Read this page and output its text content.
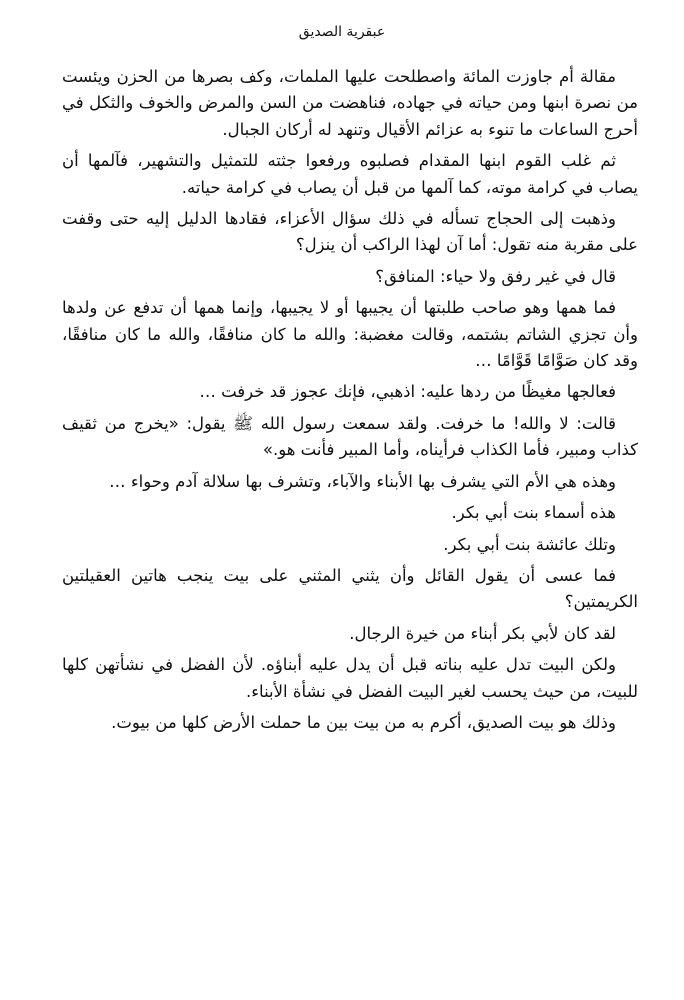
عبقرية الصديق

مقالة أم جاوزت المائة واصطلحت عليها الملمات، وكف بصرها من الحزن ويئست من نصرة ابنها ومن حياته في جهاده، فناهضت من السن والمرض والخوف والثكل في أحرج الساعات ما تنوء به عزائم الأقيال وتنهد له أركان الجبال.

ثم غلب القوم ابنها المقدام فصلبوه ورفعوا جثته للتمثيل والتشهير، فآلمها أن يصاب في كرامة موته، كما آلمها من قبل أن يصاب في كرامة حياته.

وذهبت إلى الحجاج تسأله في ذلك سؤال الأعزاء، فقادها الدليل إليه حتى وقفت على مقربة منه تقول: أما آن لهذا الراكب أن ينزل؟

قال في غير رفق ولا حياء: المنافق؟

فما همها وهو صاحب طلبتها أن يجيبها أو لا يجيبها، وإنما همها أن تدفع عن ولدها وأن تجزي الشاتم بشتمه، وقالت مغضبة: والله ما كان منافقًا، والله ما كان منافقًا، وقد كان صَوَّامًا قَوَّامًا …

فعالجها مغيظًا من ردها عليه: اذهبي، فإنك عجوز قد خرفت …

قالت: لا والله! ما خرفت. ولقد سمعت رسول الله ﷺ يقول: «يخرج من ثقيف كذاب ومبير، فأما الكذاب فرأيناه، وأما المبير فأنت هو.»

وهذه هي الأم التي يشرف بها الأبناء والآباء، وتشرف بها سلالة آدم وحواء …

هذه أسماء بنت أبي بكر.

وتلك عائشة بنت أبي بكر.

فما عسى أن يقول القائل وأن يثني المثني على بيت ينجب هاتين العقيلتين الكريمتين؟

لقد كان لأبي بكر أبناء من خيرة الرجال.

ولكن البيت تدل عليه بناته قبل أن يدل عليه أبناؤه. لأن الفضل في نشأتهن كلها للبيت، من حيث يحسب لغير البيت الفضل في نشأة الأبناء.

وذلك هو بيت الصديق، أكرم به من بيت بين ما حملت الأرض كلها من بيوت.
